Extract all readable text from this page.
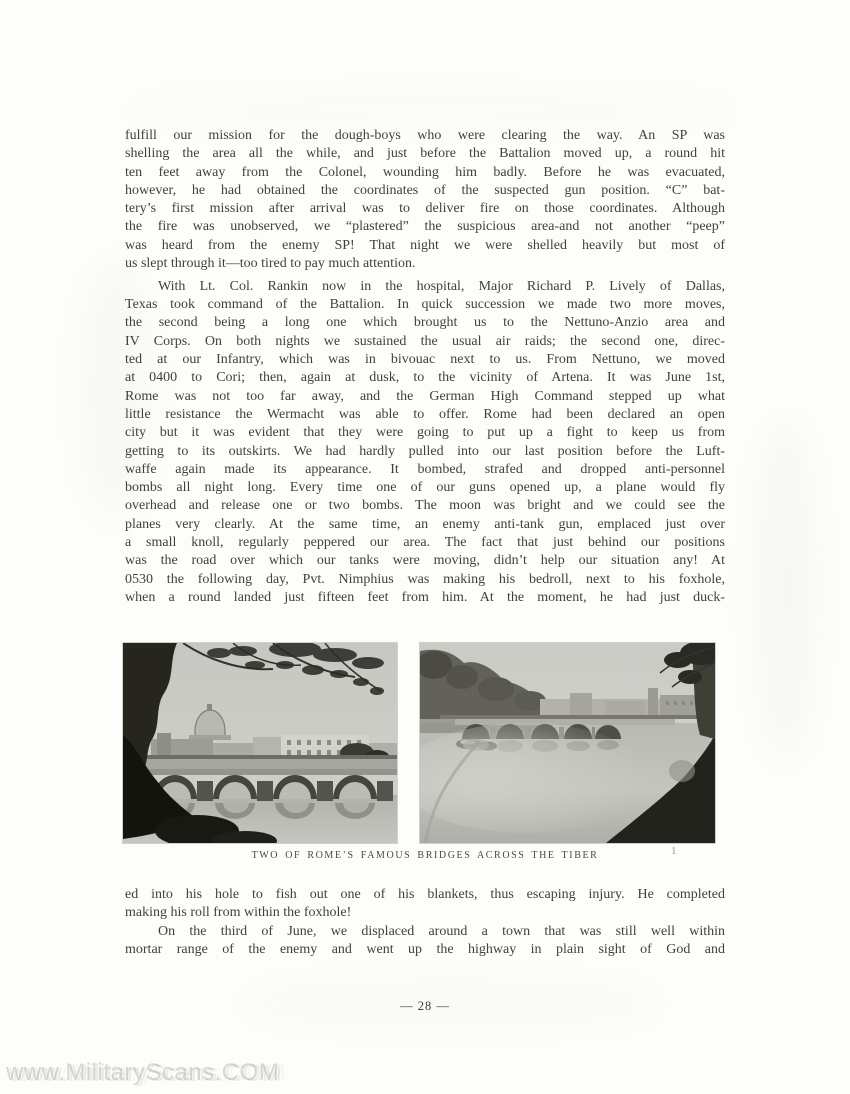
fulfill our mission for the dough-boys who were clearing the way. An SP was
shelling the area all the while, and just before the Battalion moved up, a round hit
ten feet away from the Colonel, wounding him badly. Before he was evacuated,
however, he had obtained the coordinates of the suspected gun position. “C” bat-
tery’s first mission after arrival was to deliver fire on those coordinates. Although
the fire was unobserved, we “plastered” the suspicious area-and not another “peep”
was heard from the enemy SP! That night we were shelled heavily but most of
us slept through it—too tired to pay much attention.
With Lt. Col. Rankin now in the hospital, Major Richard P. Lively of Dallas,
Texas took command of the Battalion. In quick succession we made two more moves,
the second being a long one which brought us to the Nettuno-Anzio area and
IV Corps. On both nights we sustained the usual air raids; the second one, direc-
ted at our Infantry, which was in bivouac next to us. From Nettuno, we moved
at 0400 to Cori; then, again at dusk, to the vicinity of Artena. It was June 1st,
Rome was not too far away, and the German High Command stepped up what
little resistance the Wermacht was able to offer. Rome had been declared an open
city but it was evident that they were going to put up a fight to keep us from
getting to its outskirts. We had hardly pulled into our last position before the Luft-
waffe again made its appearance. It bombed, strafed and dropped anti-personnel
bombs all night long. Every time one of our guns opened up, a plane would fly
overhead and release one or two bombs. The moon was bright and we could see the
planes very clearly. At the same time, an enemy anti-tank gun, emplaced just over
a small knoll, regularly peppered our area. The fact that just behind our positions
was the road over which our tanks were moving, didn’t help our situation any! At
0530 the following day, Pvt. Nimphius was making his bedroll, next to his foxhole,
when a round landed just fifteen feet from him. At the moment, he had just duck-
TWO OF ROME’S FAMOUS BRIDGES ACROSS THE TIBER	1
ed into his hole to fish out one of his blankets, thus escaping injury. He completed
making his roll from within the foxhole!
On the third of June, we displaced around a town that was still well within
mortar range of the enemy and went up the highway in plain sight of God and
— 28 —
www.MilitaryScans.COM
